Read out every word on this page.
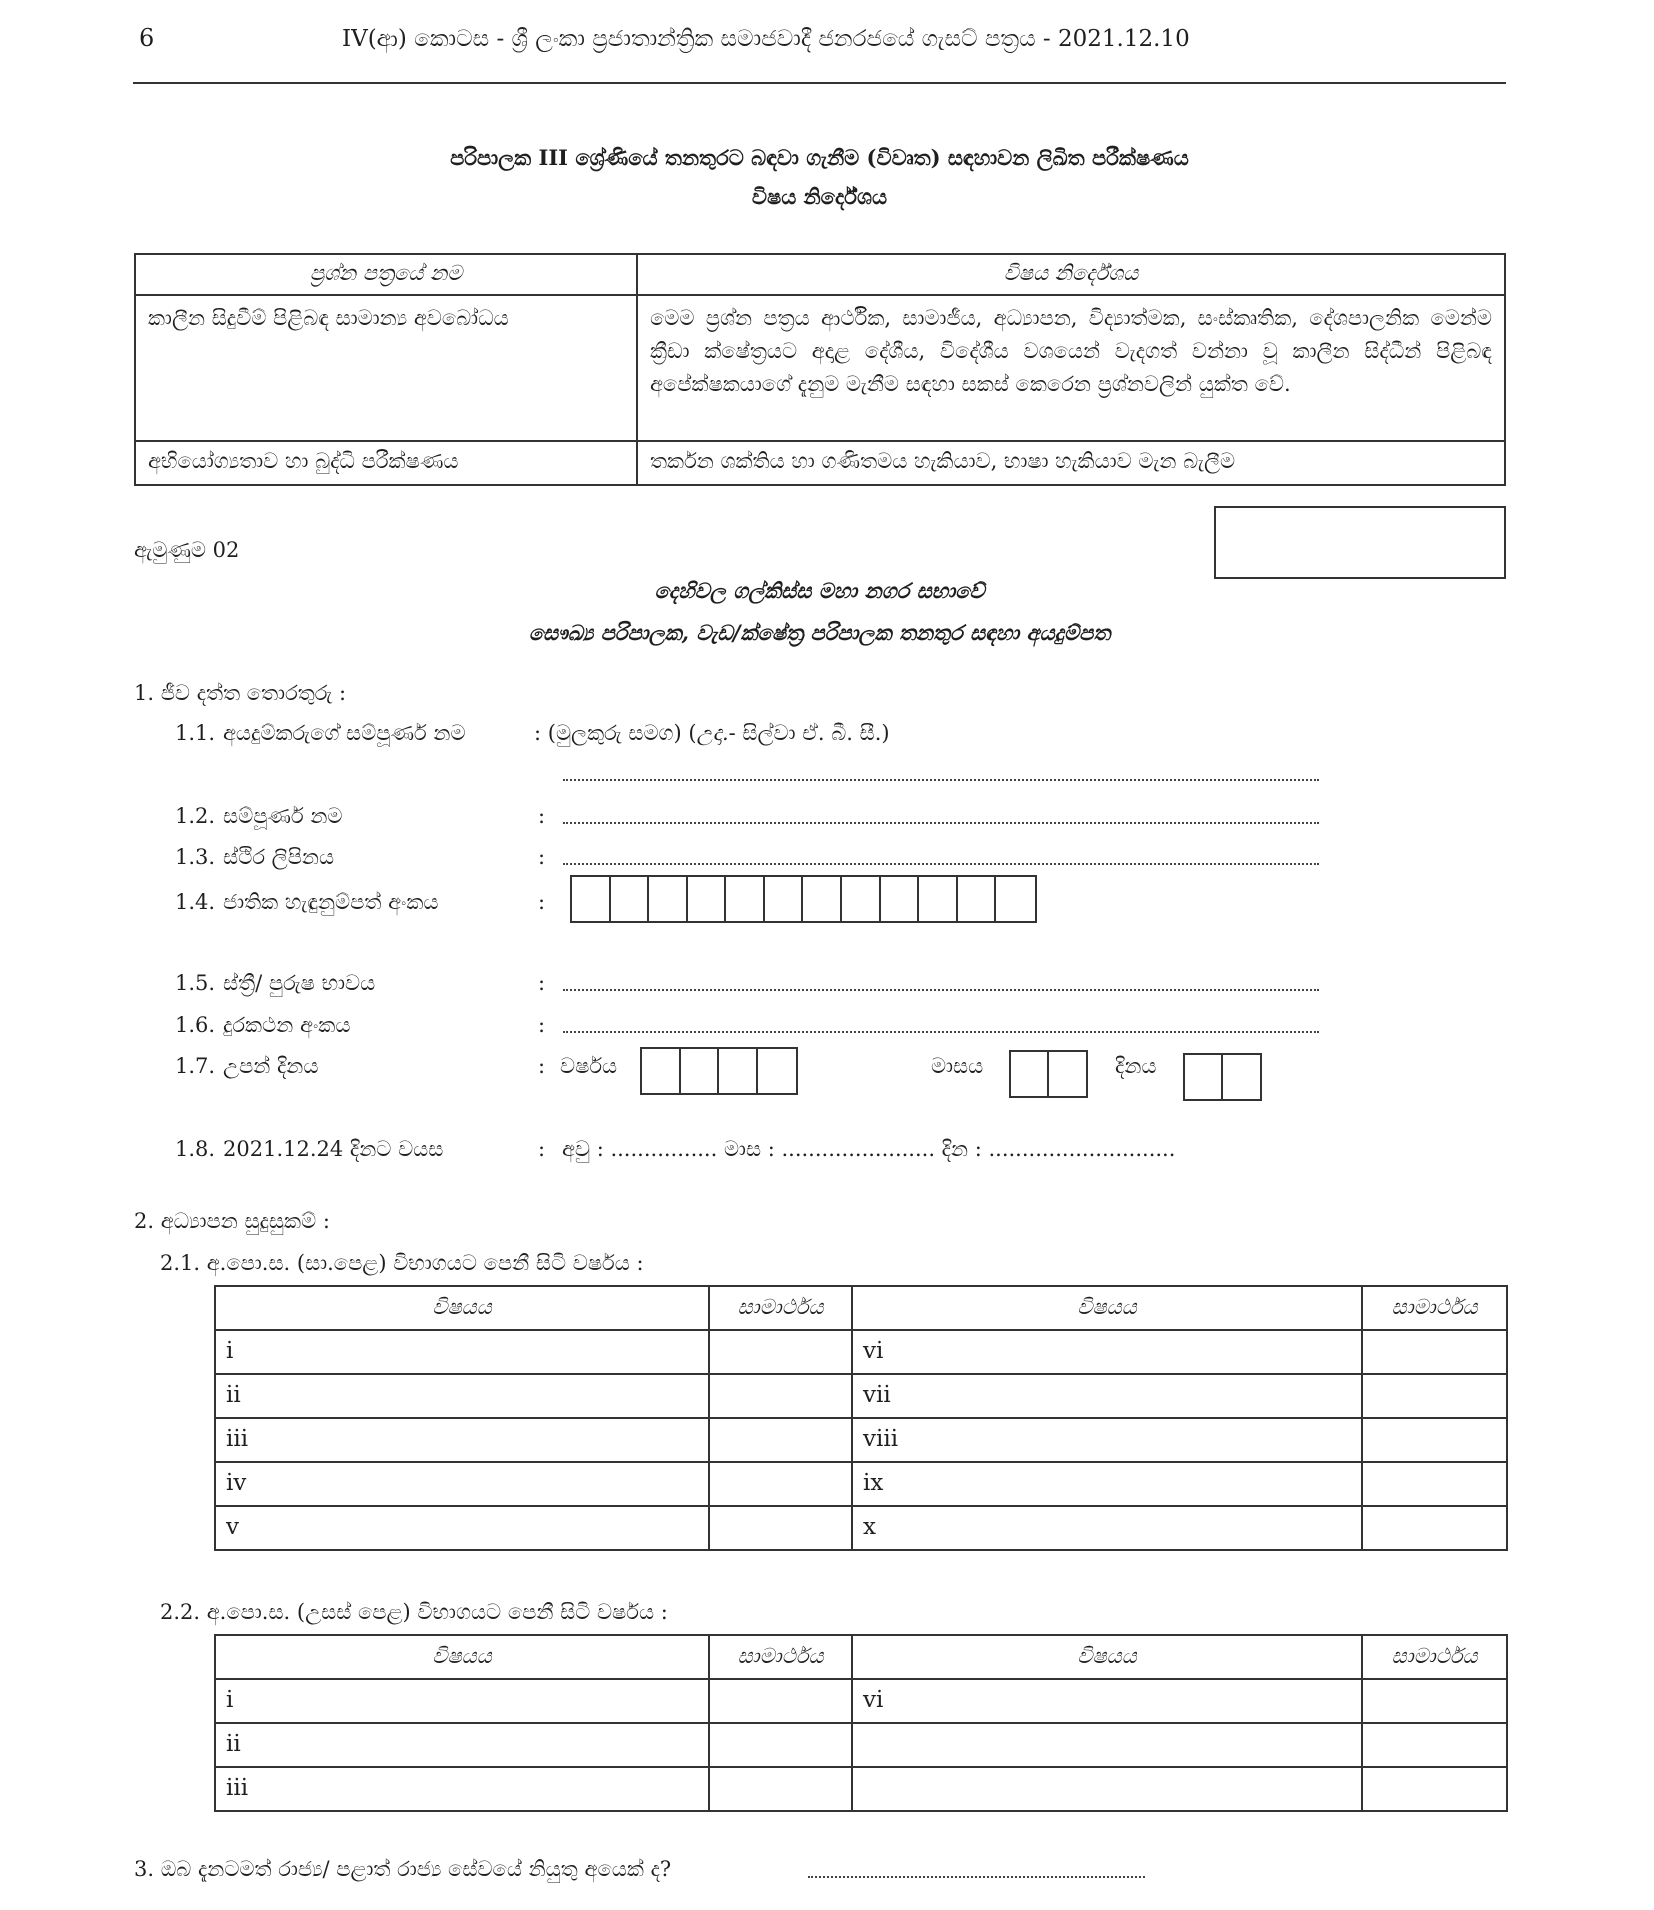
6	IV(ආ) කොටස - ශ්‍රී ලංකා ප්‍රජාතාන්ත්‍රික සමාජවාදී ජනරජයේ ගැසට් පත්‍රය - 2021.12.10
පරිපාලක III ශ්‍රේණියේ තනතුරට බඳවා ගැනීම (විවෘත) සඳහාවන ලිඛිත පරීක්ෂණය
විෂය නිර්දේශය
ප්‍රශ්න පත්‍රයේ නම	විෂය නිර්දේශය
කාලීන සිදුවීම් පිළිබඳ සාමාන්‍ය අවබෝධය	මෙම ප්‍රශ්න පත්‍රය ආර්ථික, සාමාජීය, අධ්‍යාපන, විද්‍යාත්මක, සංස්කෘතික, දේශපාලනික මෙන්ම ක්‍රීඩා ක්ෂේත්‍රයට අදාළ දේශීය, විදේශීය වශයෙන් වැදගත් වන්නා වූ කාලීන සිද්ධීන් පිළිබඳ අපේක්ෂකයාගේ දැනුම මැනීම සඳහා සකස් කෙරෙන ප්‍රශ්නවලින් යුක්ත වේ.
අභියෝග්‍යතාව හා බුද්ධි පරීක්ෂණය	තර්කන ශක්තිය හා ගණිතමය හැකියාව, භාෂා හැකියාව මැන බැලීම
ඇමුණුම 02
දෙහිවල ගල්කිස්ස මහා නගර සභාවේ
සෞඛ්‍ය පරිපාලක, වැඩ/ක්ෂේත්‍ර පරිපාලක තනතුර සඳහා අයදුම්පත
1. ජීව දත්ත තොරතුරු :
1.1. අයදුම්කරුගේ සම්පූර්ණ නම	: (මුලකුරු සමග) (උදා.- සිල්වා ඒ. බී. සී.)
1.2. සම්පූර්ණ නම	:
1.3. ස්ථිර ලිපිනය	:
1.4. ජාතික හැඳුනුම්පත් අංකය	:
1.5. ස්ත්‍රී/ පුරුෂ භාවය	:
1.6. දුරකථන අංකය	:
1.7. උපන් දිනය	: වර්ෂය	මාසය	දිනය
1.8. 2021.12.24 දිනට වයස	: අවු : ................ මාස : ....................... දින : ............................
2. අධ්‍යාපන සුදුසුකම් :
2.1. අ.පො.ස. (සා.පෙළ) විභාගයට පෙනී සිටි වර්ෂය :
විෂයය	සාමාර්ථය	විෂයය	සාමාර්ථය
i		vi	
ii		vii	
iii		viii	
iv		ix	
v		x	
2.2. අ.පො.ස. (උසස් පෙළ) විභාගයට පෙනී සිටි වර්ෂය :
විෂයය	සාමාර්ථය	විෂයය	සාමාර්ථය
i		vi	
ii			
iii			
3. ඔබ දැනටමත් රාජ්‍ය/ පළාත් රාජ්‍ය සේවයේ නියුතු අයෙක් ද?
